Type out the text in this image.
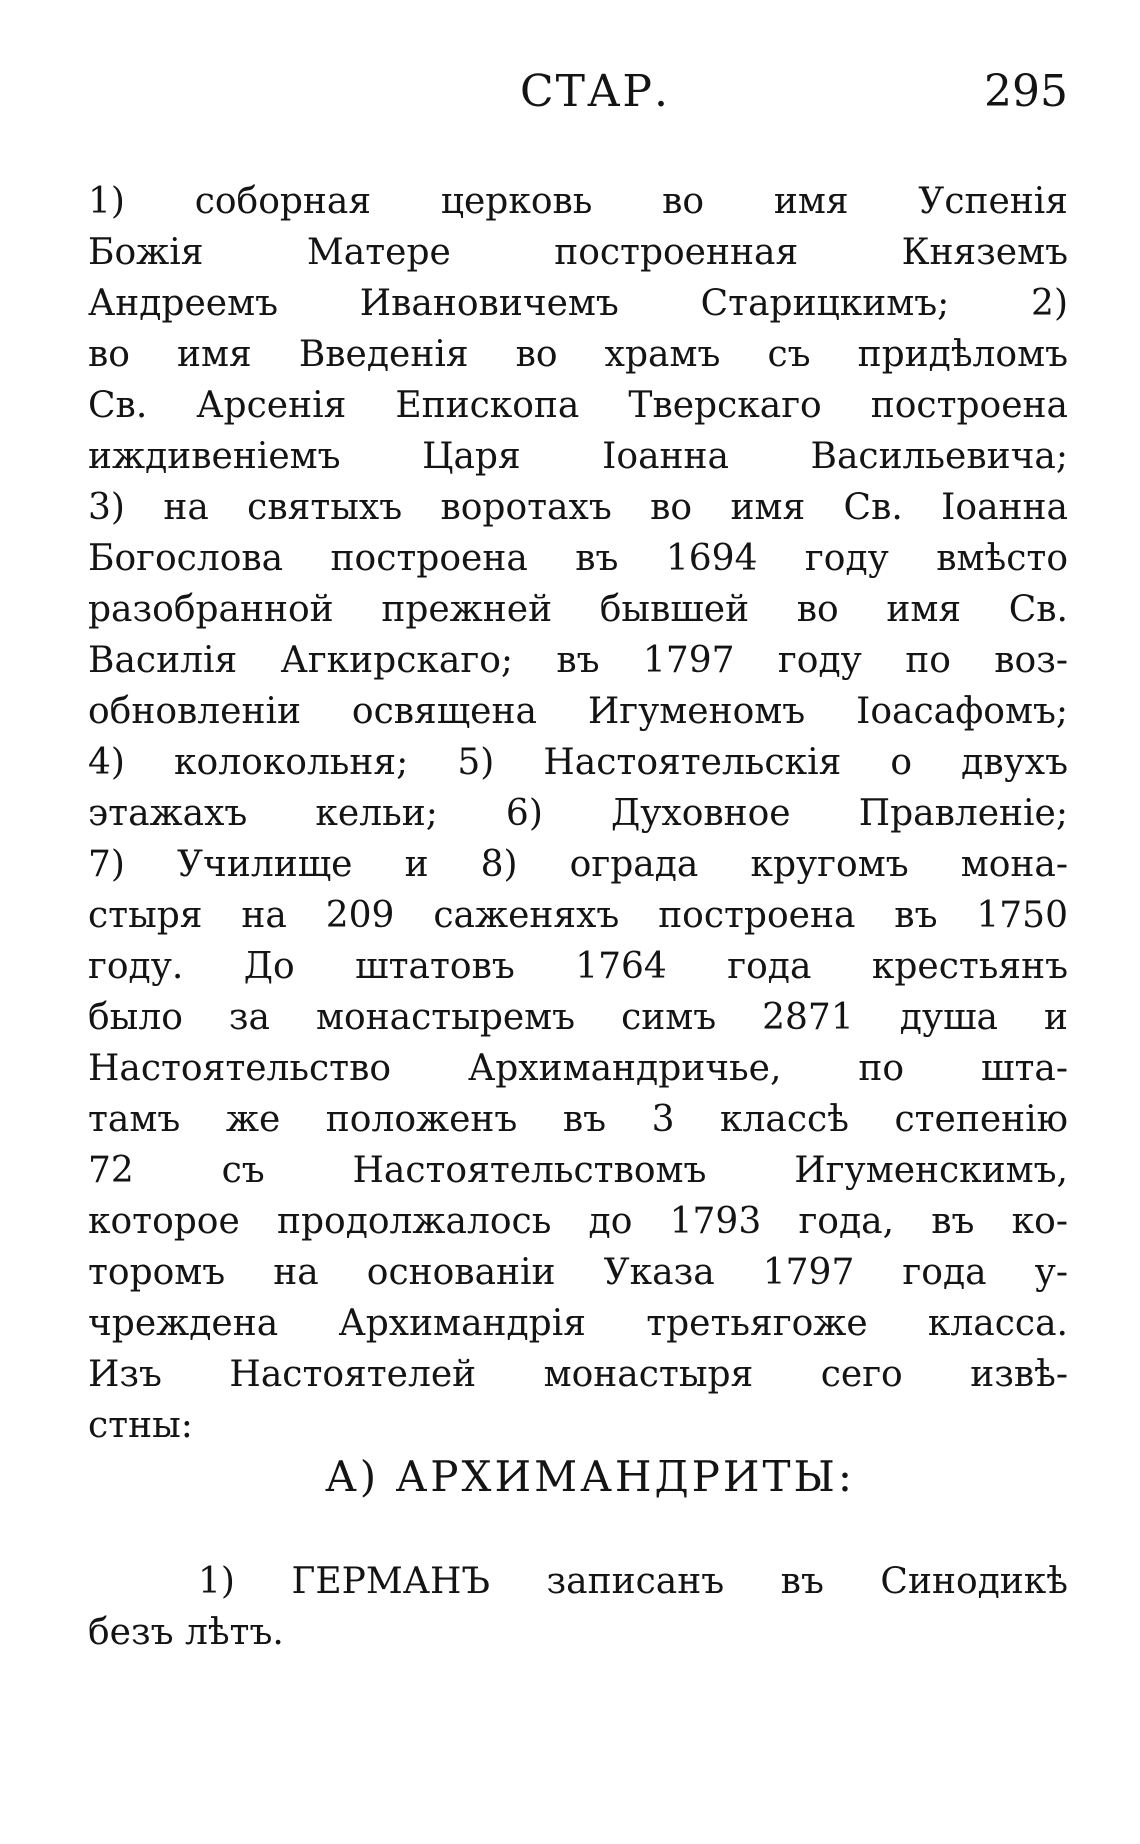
СТАР.	295
1) соборная церковь во имя Успенія
Божія Матере построенная Княземъ
Андреемъ Ивановичемъ Старицкимъ; 2)
во имя Введенія во храмъ съ придѣломъ
Св. Арсенія Епископа Тверскаго построена
иждивеніемъ Царя Іоанна Васильевича;
3) на святыхъ воротахъ во имя Св. Іоанна
Богослова построена въ 1694 году вмѣсто
разобранной прежней бывшей во имя Св.
Василія Агкирскаго; въ 1797 году по воз-
обновленіи освящена Игуменомъ Іоасафомъ;
4) колокольня; 5) Настоятельскія о двухъ
этажахъ кельи; 6) Духовное Правленіе;
7) Училище и 8) ограда кругомъ мона-
стыря на 209 саженяхъ построена въ 1750
году. До штатовъ 1764 года крестьянъ
было за монастыремъ симъ 2871 душа и
Настоятельство Архимандричье, по шта-
тамъ же положенъ въ 3 классѣ степенію
72 съ Настоятельствомъ Игуменскимъ,
которое продолжалось до 1793 года, въ ко-
торомъ на основаніи Указа 1797 года у-
чреждена Архимандрія третьягоже класса.
Изъ Настоятелей монастыря сего извѣ-
стны:
А) АРХИМАНДРИТЫ:
1) ГЕРМАНЪ записанъ въ Синодикѣ
безъ лѣтъ.
